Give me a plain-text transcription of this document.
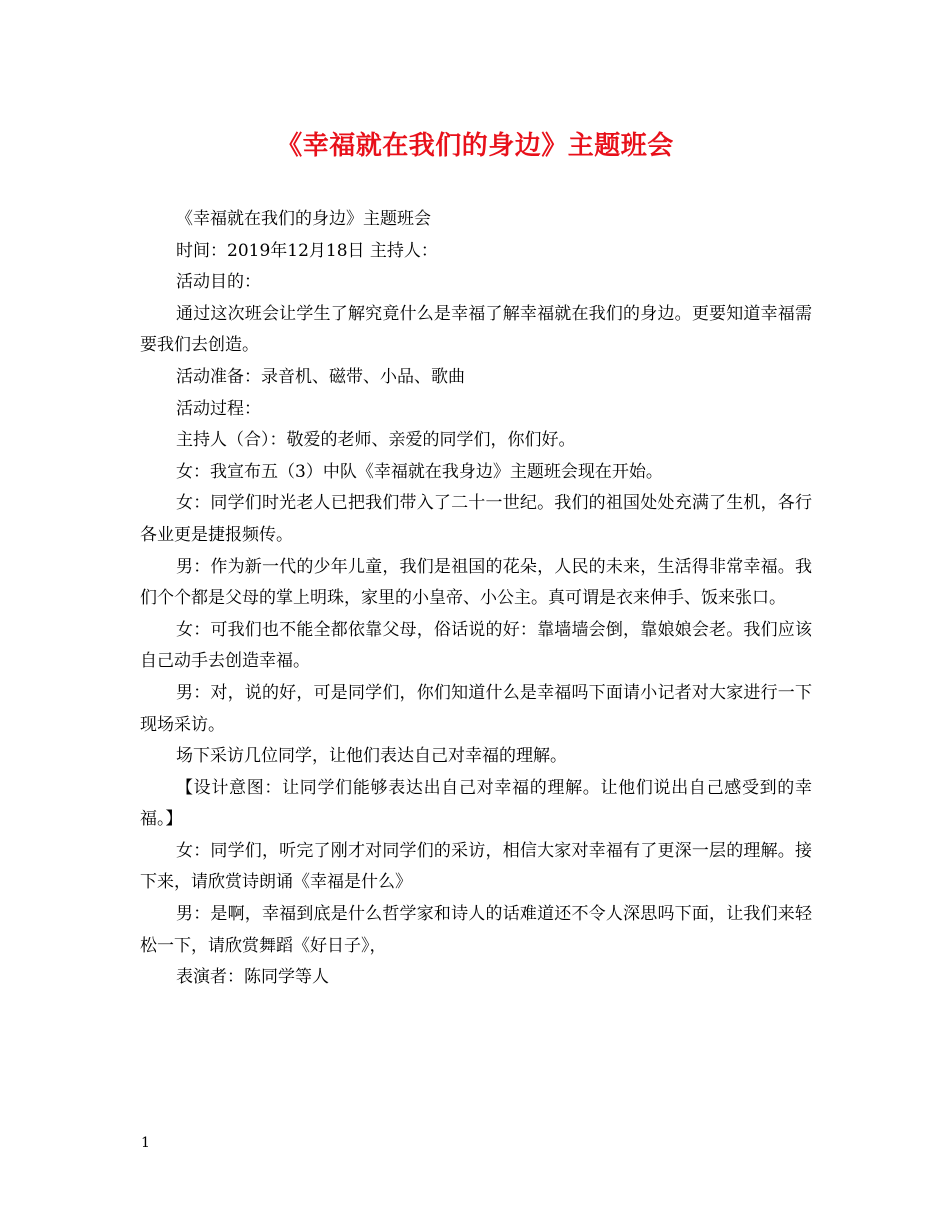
《幸福就在我们的身边》主题班会

《幸福就在我们的身边》主题班会

时间：2019年12月18日 主持人：

活动目的：

通过这次班会让学生了解究竟什么是幸福了解幸福就在我们的身边。更要知道幸福需要我们去创造。

活动准备：录音机、磁带、小品、歌曲

活动过程：

主持人（合）：敬爱的老师、亲爱的同学们，你们好。

女：我宣布五（3）中队《幸福就在我身边》主题班会现在开始。

女：同学们时光老人已把我们带入了二十一世纪。我们的祖国处处充满了生机，各行各业更是捷报频传。

男：作为新一代的少年儿童，我们是祖国的花朵，人民的未来，生活得非常幸福。我们个个都是父母的掌上明珠，家里的小皇帝、小公主。真可谓是衣来伸手、饭来张口。

女：可我们也不能全都依靠父母，俗话说的好：靠墙墙会倒，靠娘娘会老。我们应该自己动手去创造幸福。

男：对，说的好，可是同学们，你们知道什么是幸福吗下面请小记者对大家进行一下现场采访。

场下采访几位同学，让他们表达自己对幸福的理解。

【设计意图：让同学们能够表达出自己对幸福的理解。让他们说出自己感受到的幸福。】

女：同学们，听完了刚才对同学们的采访，相信大家对幸福有了更深一层的理解。接下来，请欣赏诗朗诵《幸福是什么》

男：是啊，幸福到底是什么哲学家和诗人的话难道还不令人深思吗下面，让我们来轻松一下，请欣赏舞蹈《好日子》，

表演者：陈同学等人

1
